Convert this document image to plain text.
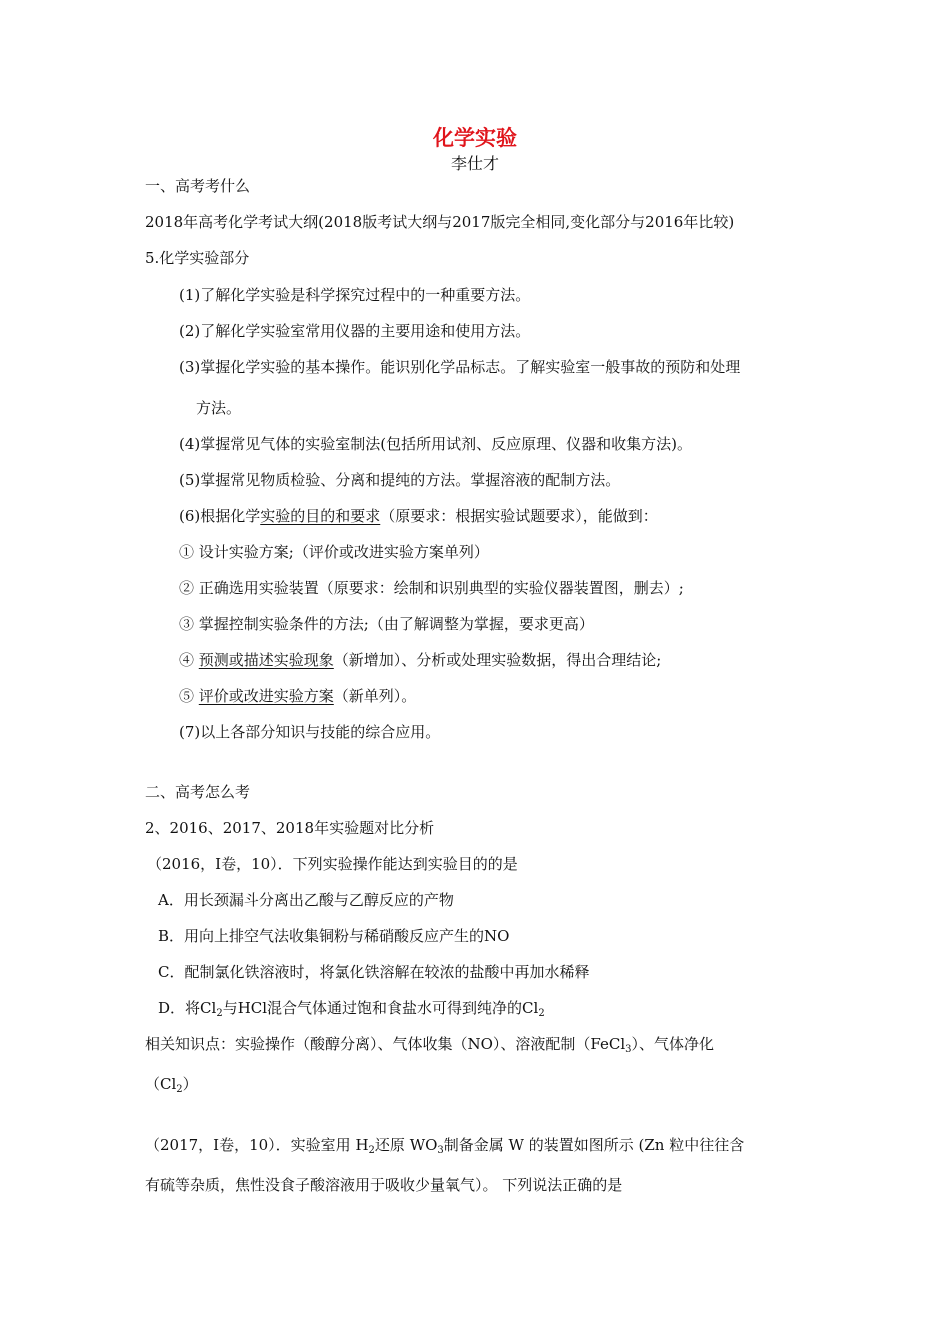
化学实验
李仕才
一、高考考什么
2018年高考化学考试大纲(2018版考试大纲与2017版完全相同,变化部分与2016年比较)
5.化学实验部分
(1)了解化学实验是科学探究过程中的一种重要方法。
(2)了解化学实验室常用仪器的主要用途和使用方法。
(3)掌握化学实验的基本操作。能识别化学品标志。了解实验室一般事故的预防和处理
方法。
(4)掌握常见气体的实验室制法(包括所用试剂、反应原理、仪器和收集方法)。
(5)掌握常见物质检验、分离和提纯的方法。掌握溶液的配制方法。
(6)根据化学实验的目的和要求（原要求：根据实验试题要求），能做到：
① 设计实验方案;（评价或改进实验方案单列）
② 正确选用实验装置（原要求：绘制和识别典型的实验仪器装置图，删去）;
③ 掌握控制实验条件的方法;（由了解调整为掌握，要求更高）
④ 预测或描述实验现象（新增加）、分析或处理实验数据，得出合理结论;
⑤ 评价或改进实验方案（新单列）。
(7)以上各部分知识与技能的综合应用。
二、高考怎么考
2、2016、2017、2018年实验题对比分析
（2016，Ⅰ卷，10）．下列实验操作能达到实验目的的是
A．用长颈漏斗分离出乙酸与乙醇反应的产物
B．用向上排空气法收集铜粉与稀硝酸反应产生的NO
C．配制氯化铁溶液时，将氯化铁溶解在较浓的盐酸中再加水稀释
D．将$Cl_2$与HCl混合气体通过饱和食盐水可得到纯净的$Cl_2$
相关知识点：实验操作（酸醇分离）、气体收集（NO）、溶液配制（FeCl$_3$）、气体净化
$(Cl_2)$
（2017，Ⅰ卷，10）．实验室用 $H_2$还原 $WO_3$制备金属 W 的装置如图所示 (Zn 粒中往往含
有硫等杂质，焦性没食子酸溶液用于吸收少量氧气）。 下列说法正确的是
